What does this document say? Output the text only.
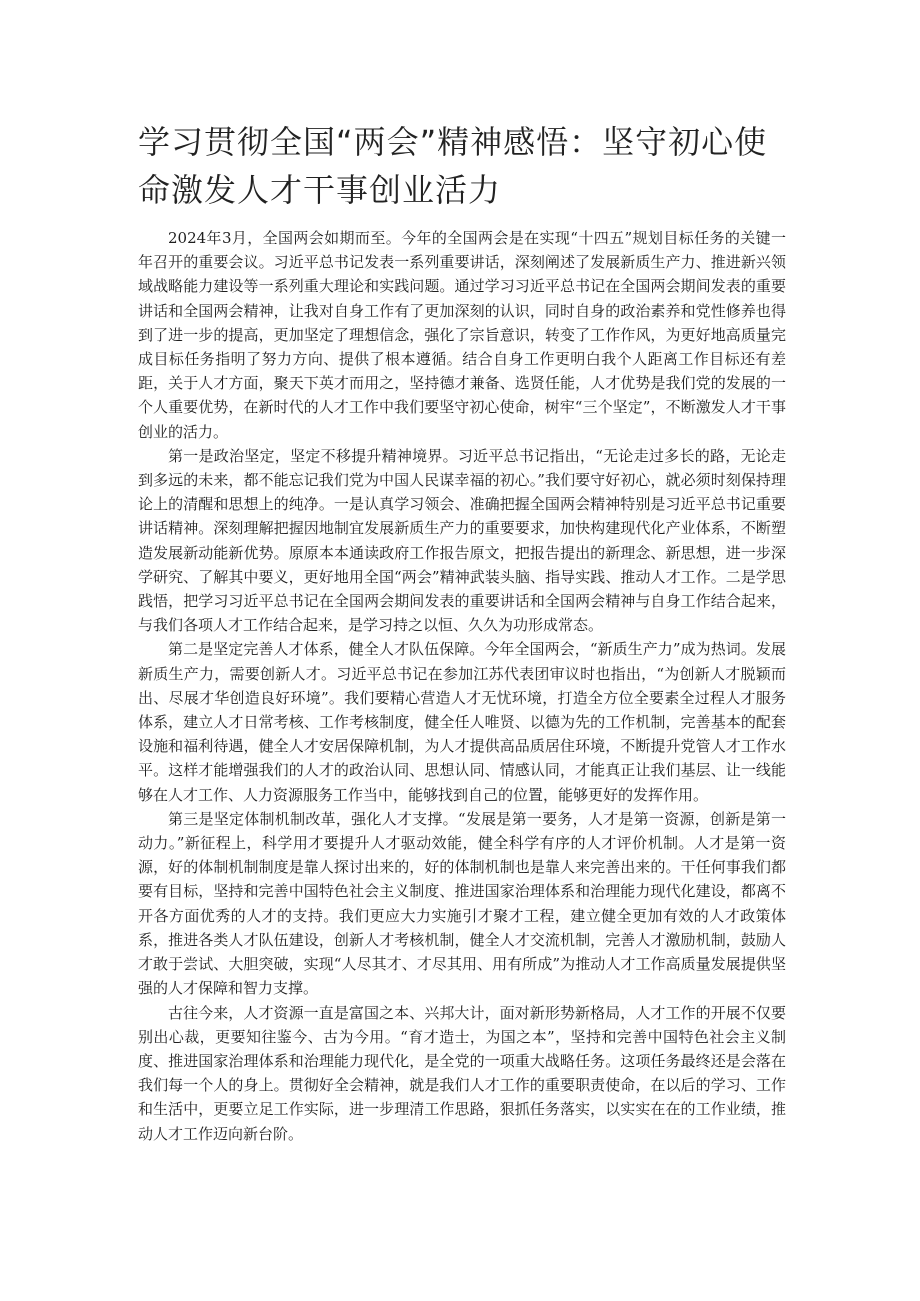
学习贯彻全国“两会”精神感悟：坚守初心使命激发人才干事创业活力

2024年3月，全国两会如期而至。今年的全国两会是在实现“十四五”规划目标任务的关键一年召开的重要会议。习近平总书记发表一系列重要讲话，深刻阐述了发展新质生产力、推进新兴领域战略能力建设等一系列重大理论和实践问题。通过学习习近平总书记在全国两会期间发表的重要讲话和全国两会精神，让我对自身工作有了更加深刻的认识，同时自身的政治素养和党性修养也得到了进一步的提高，更加坚定了理想信念，强化了宗旨意识，转变了工作作风，为更好地高质量完成目标任务指明了努力方向、提供了根本遵循。结合自身工作更明白我个人距离工作目标还有差距，关于人才方面，聚天下英才而用之，坚持德才兼备、选贤任能，人才优势是我们党的发展的一个人重要优势，在新时代的人才工作中我们要坚守初心使命，树牢“三个坚定”，不断激发人才干事创业的活力。

第一是政治坚定，坚定不移提升精神境界。习近平总书记指出，“无论走过多长的路，无论走到多远的未来，都不能忘记我们党为中国人民谋幸福的初心。”我们要守好初心，就必须时刻保持理论上的清醒和思想上的纯净。一是认真学习领会、准确把握全国两会精神特别是习近平总书记重要讲话精神。深刻理解把握因地制宜发展新质生产力的重要要求，加快构建现代化产业体系，不断塑造发展新动能新优势。原原本本通读政府工作报告原文，把报告提出的新理念、新思想，进一步深学研究、了解其中要义，更好地用全国“两会”精神武装头脑、指导实践、推动人才工作。二是学思践悟，把学习习近平总书记在全国两会期间发表的重要讲话和全国两会精神与自身工作结合起来，与我们各项人才工作结合起来，是学习持之以恒、久久为功形成常态。

第二是坚定完善人才体系，健全人才队伍保障。今年全国两会，“新质生产力”成为热词。发展新质生产力，需要创新人才。习近平总书记在参加江苏代表团审议时也指出，“为创新人才脱颖而出、尽展才华创造良好环境”。我们要精心营造人才无忧环境，打造全方位全要素全过程人才服务体系，建立人才日常考核、工作考核制度，健全任人唯贤、以德为先的工作机制，完善基本的配套设施和福利待遇，健全人才安居保障机制，为人才提供高品质居住环境，不断提升党管人才工作水平。这样才能增强我们的人才的政治认同、思想认同、情感认同，才能真正让我们基层、让一线能够在人才工作、人力资源服务工作当中，能够找到自己的位置，能够更好的发挥作用。

第三是坚定体制机制改革，强化人才支撑。“发展是第一要务，人才是第一资源，创新是第一动力。”新征程上，科学用才要提升人才驱动效能，健全科学有序的人才评价机制。人才是第一资源，好的体制机制制度是靠人探讨出来的，好的体制机制也是靠人来完善出来的。干任何事我们都要有目标，坚持和完善中国特色社会主义制度、推进国家治理体系和治理能力现代化建设，都离不开各方面优秀的人才的支持。我们更应大力实施引才聚才工程，建立健全更加有效的人才政策体系，推进各类人才队伍建设，创新人才考核机制，健全人才交流机制，完善人才激励机制，鼓励人才敢于尝试、大胆突破，实现“人尽其才、才尽其用、用有所成”为推动人才工作高质量发展提供坚强的人才保障和智力支撑。

古往今来，人才资源一直是富国之本、兴邦大计，面对新形势新格局，人才工作的开展不仅要别出心裁，更要知往鉴今、古为今用。“育才造士，为国之本”，坚持和完善中国特色社会主义制度、推进国家治理体系和治理能力现代化，是全党的一项重大战略任务。这项任务最终还是会落在我们每一个人的身上。贯彻好全会精神，就是我们人才工作的重要职责使命，在以后的学习、工作和生活中，更要立足工作实际，进一步理清工作思路，狠抓任务落实，以实实在在的工作业绩，推动人才工作迈向新台阶。
